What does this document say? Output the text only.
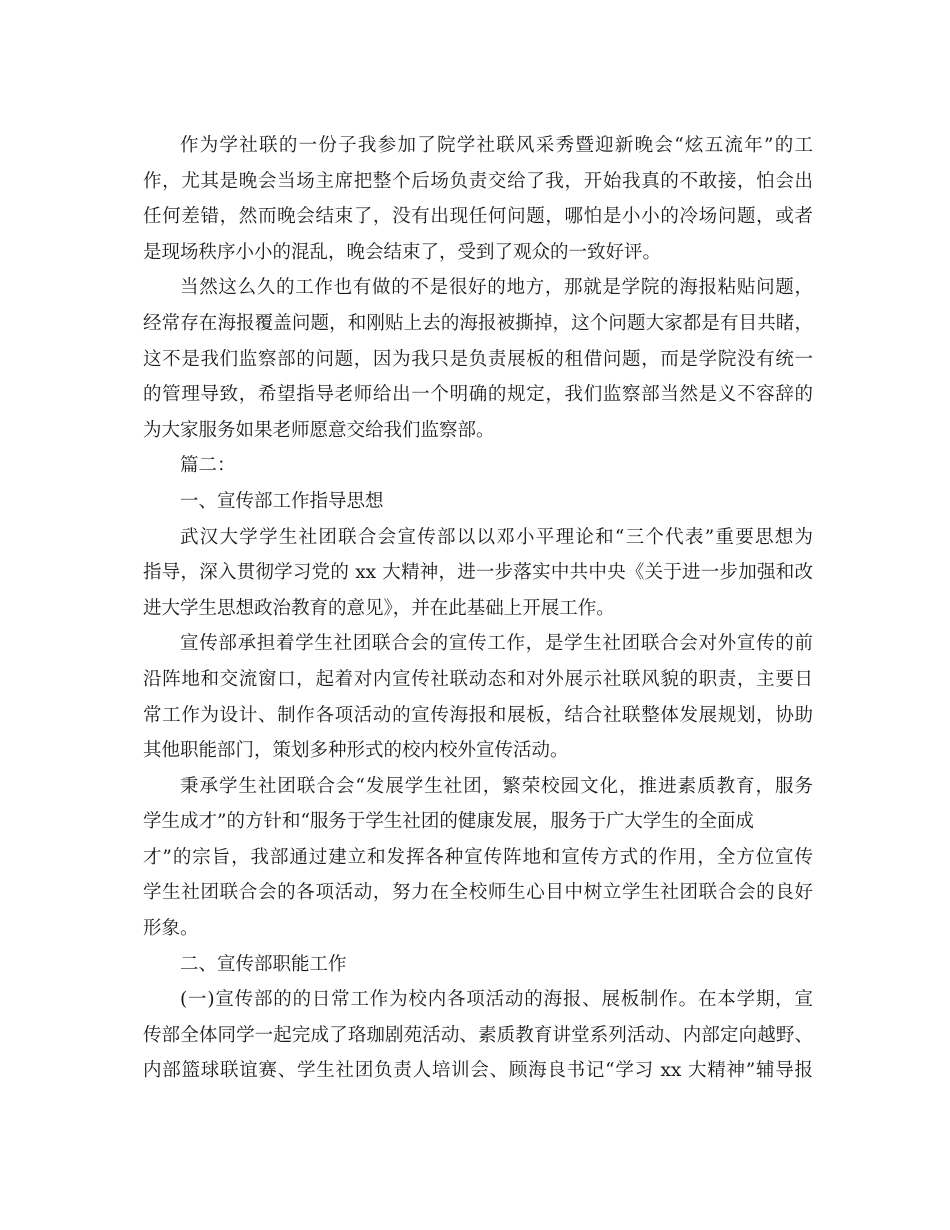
作为学社联的一份子我参加了院学社联风采秀暨迎新晚会“炫五流年”的工
作，尤其是晚会当场主席把整个后场负责交给了我，开始我真的不敢接，怕会出
任何差错，然而晚会结束了，没有出现任何问题，哪怕是小小的冷场问题，或者
是现场秩序小小的混乱，晚会结束了，受到了观众的一致好评。
当然这么久的工作也有做的不是很好的地方，那就是学院的海报粘贴问题，
经常存在海报覆盖问题，和刚贴上去的海报被撕掉，这个问题大家都是有目共睹，
这不是我们监察部的问题，因为我只是负责展板的租借问题，而是学院没有统一
的管理导致，希望指导老师给出一个明确的规定，我们监察部当然是义不容辞的
为大家服务如果老师愿意交给我们监察部。
篇二：
一、宣传部工作指导思想
武汉大学学生社团联合会宣传部以以邓小平理论和“三个代表”重要思想为
指导，深入贯彻学习党的 xx 大精神，进一步落实中共中央《关于进一步加强和改
进大学生思想政治教育的意见》，并在此基础上开展工作。
宣传部承担着学生社团联合会的宣传工作，是学生社团联合会对外宣传的前
沿阵地和交流窗口，起着对内宣传社联动态和对外展示社联风貌的职责，主要日
常工作为设计、制作各项活动的宣传海报和展板，结合社联整体发展规划，协助
其他职能部门，策划多种形式的校内校外宣传活动。
秉承学生社团联合会“发展学生社团，繁荣校园文化，推进素质教育，服务
学生成才”的方针和“服务于学生社团的健康发展，服务于广大学生的全面成
才”的宗旨，我部通过建立和发挥各种宣传阵地和宣传方式的作用，全方位宣传
学生社团联合会的各项活动，努力在全校师生心目中树立学生社团联合会的良好
形象。
二、宣传部职能工作
(一)宣传部的的日常工作为校内各项活动的海报、展板制作。在本学期，宣
传部全体同学一起完成了珞珈剧苑活动、素质教育讲堂系列活动、内部定向越野、
内部篮球联谊赛、学生社团负责人培训会、顾海良书记“学习 xx 大精神”辅导报
